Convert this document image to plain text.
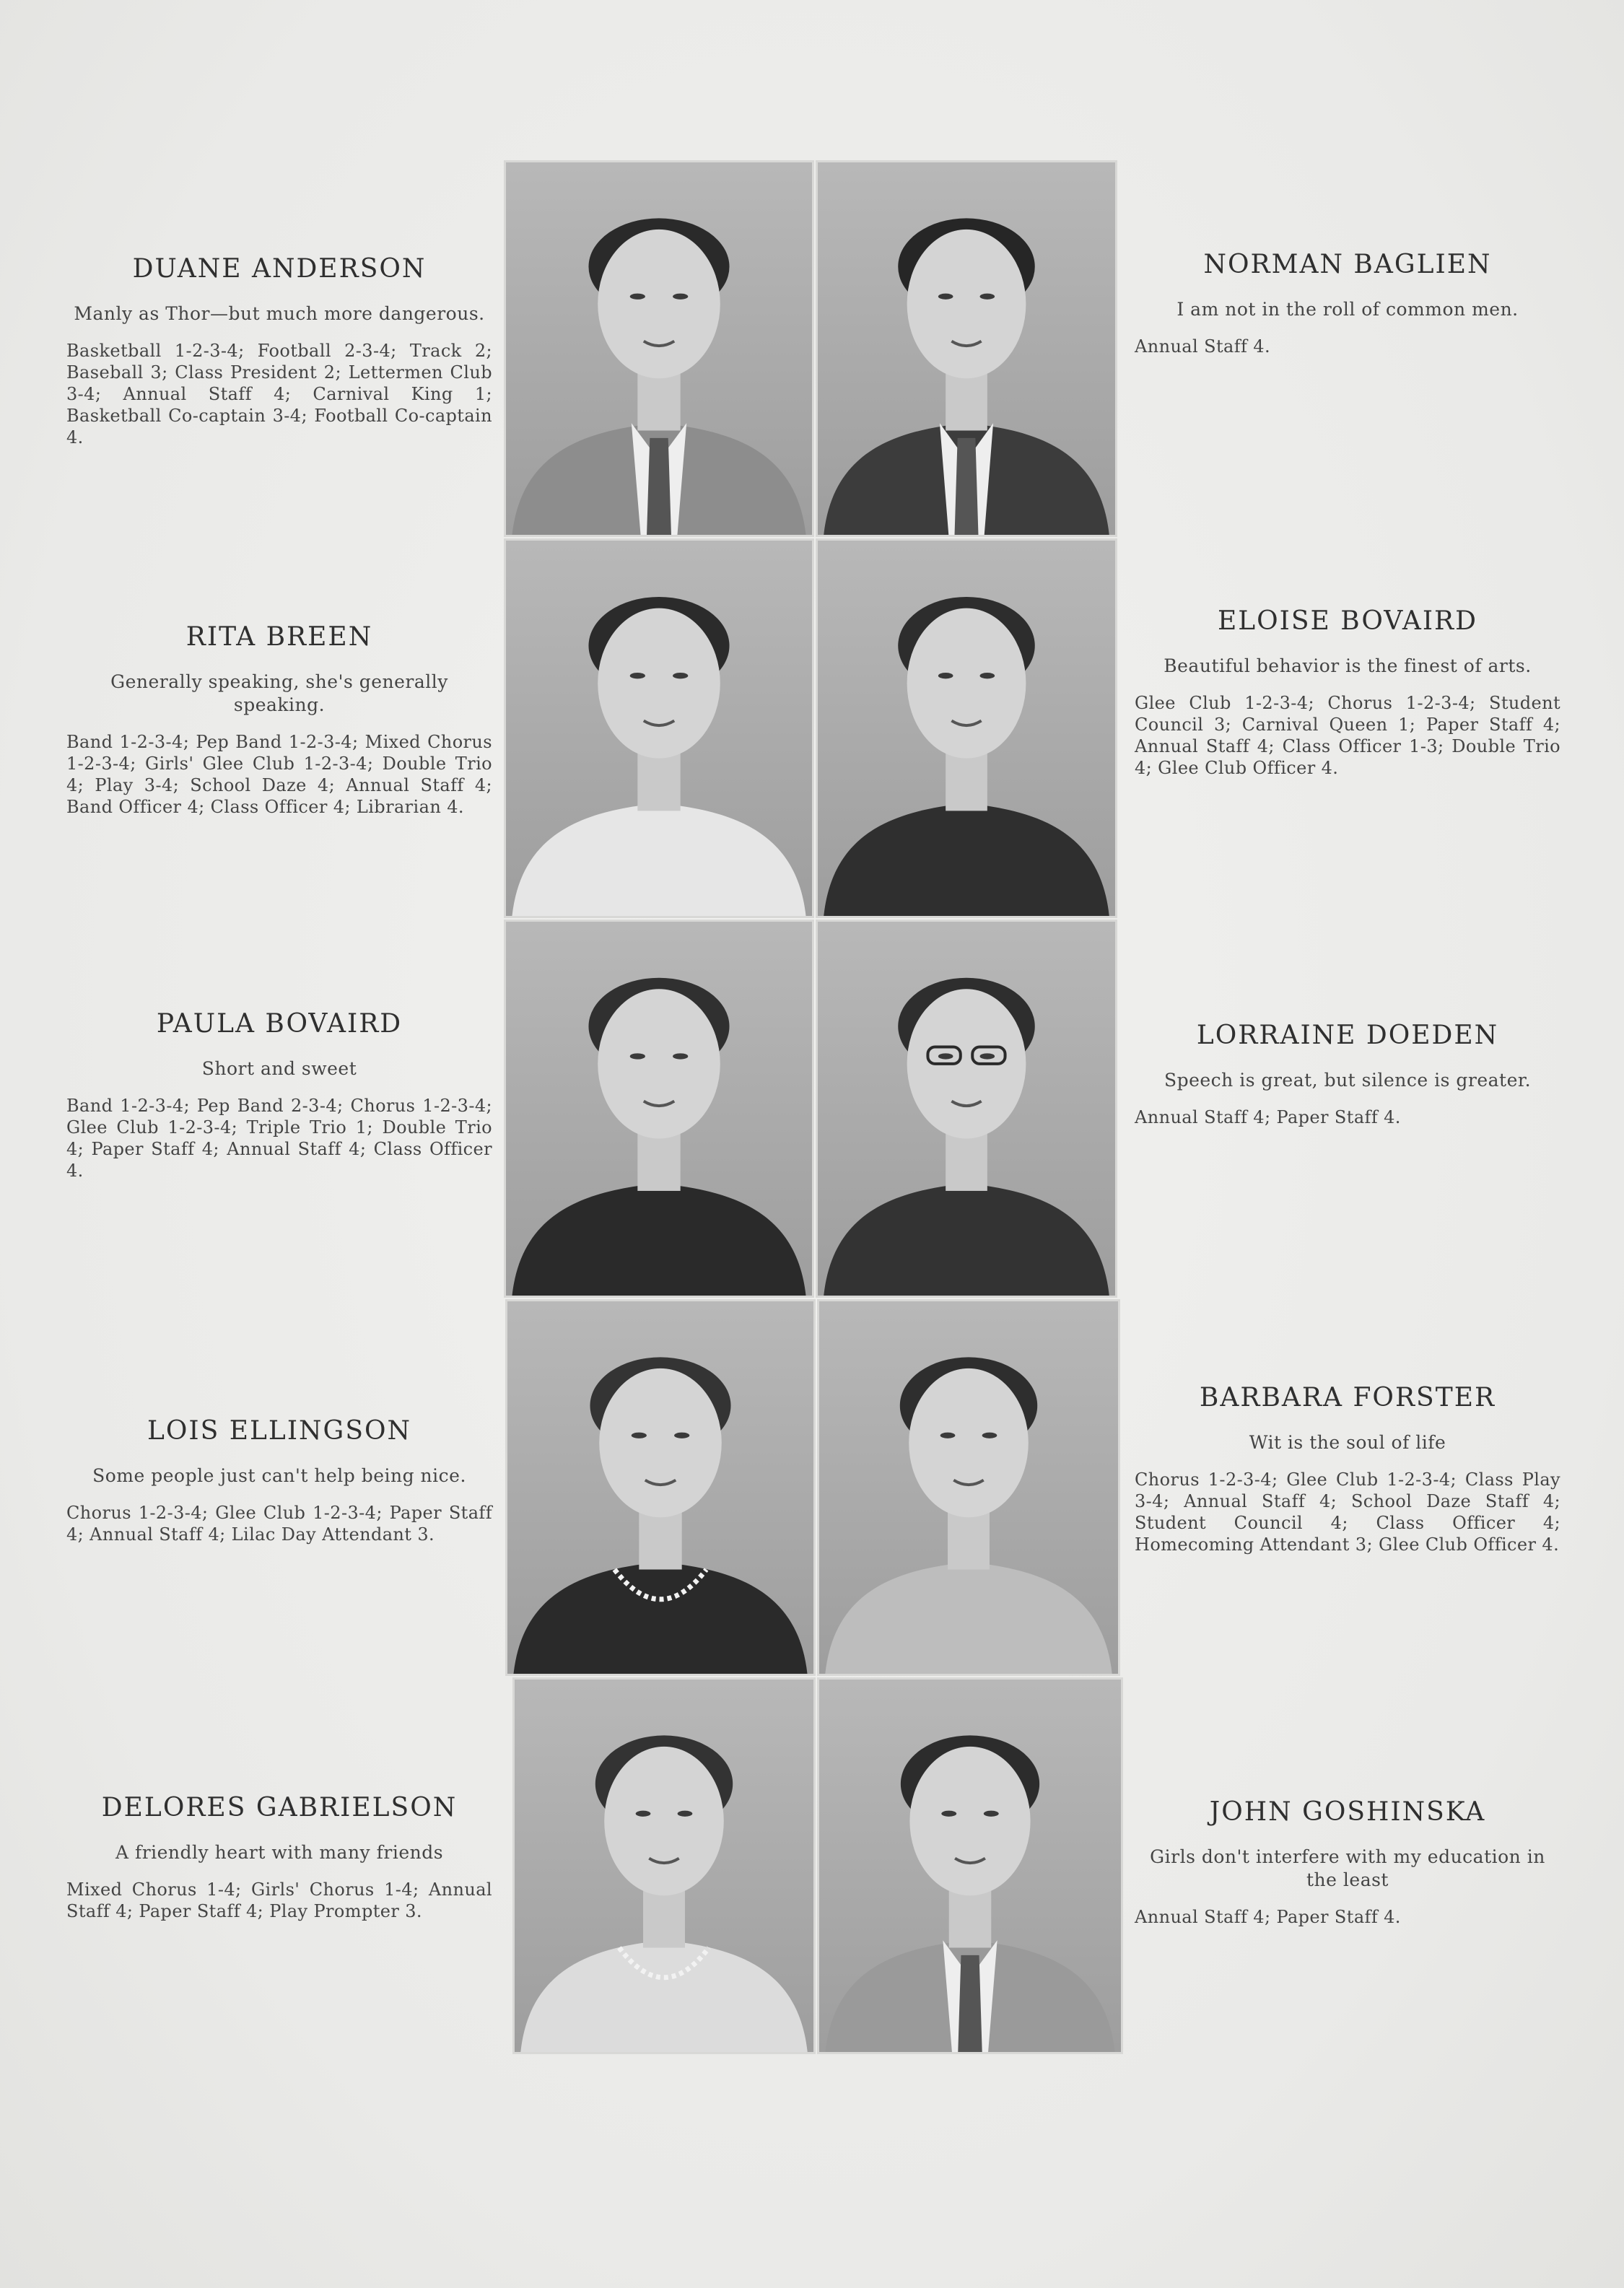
DUANE ANDERSON
Manly as Thor—but much more dangerous.
Basketball 1-2-3-4; Football 2-3-4; Track 2; Baseball 3; Class President 2; Lettermen Club 3-4; Annual Staff 4; Carnival King 1; Basketball Co-captain 3-4; Football Co-captain 4.
RITA BREEN
Generally speaking, she's generally speaking.
Band 1-2-3-4; Pep Band 1-2-3-4; Mixed Chorus 1-2-3-4; Girls' Glee Club 1-2-3-4; Double Trio 4; Play 3-4; School Daze 4; Annual Staff 4; Band Officer 4; Class Officer 4; Librarian 4.
PAULA BOVAIRD
Short and sweet
Band 1-2-3-4; Pep Band 2-3-4; Chorus 1-2-3-4; Glee Club 1-2-3-4; Triple Trio 1; Double Trio 4; Paper Staff 4; Annual Staff 4; Class Officer 4.
LOIS ELLINGSON
Some people just can't help being nice.
Chorus 1-2-3-4; Glee Club 1-2-3-4; Paper Staff 4; Annual Staff 4; Lilac Day Attendant 3.
DELORES GABRIELSON
A friendly heart with many friends
Mixed Chorus 1-4; Girls' Chorus 1-4; Annual Staff 4; Paper Staff 4; Play Prompter 3.
NORMAN BAGLIEN
I am not in the roll of common men.
Annual Staff 4.
ELOISE BOVAIRD
Beautiful behavior is the finest of arts.
Glee Club 1-2-3-4; Chorus 1-2-3-4; Student Council 3; Carnival Queen 1; Paper Staff 4; Annual Staff 4; Class Officer 1-3; Double Trio 4; Glee Club Officer 4.
LORRAINE DOEDEN
Speech is great, but silence is greater.
Annual Staff 4; Paper Staff 4.
BARBARA FORSTER
Wit is the soul of life
Chorus 1-2-3-4; Glee Club 1-2-3-4; Class Play 3-4; Annual Staff 4; School Daze Staff 4; Student Council 4; Class Officer 4; Homecoming Attendant 3; Glee Club Officer 4.
JOHN GOSHINSKA
Girls don't interfere with my education in the least
Annual Staff 4; Paper Staff 4.
